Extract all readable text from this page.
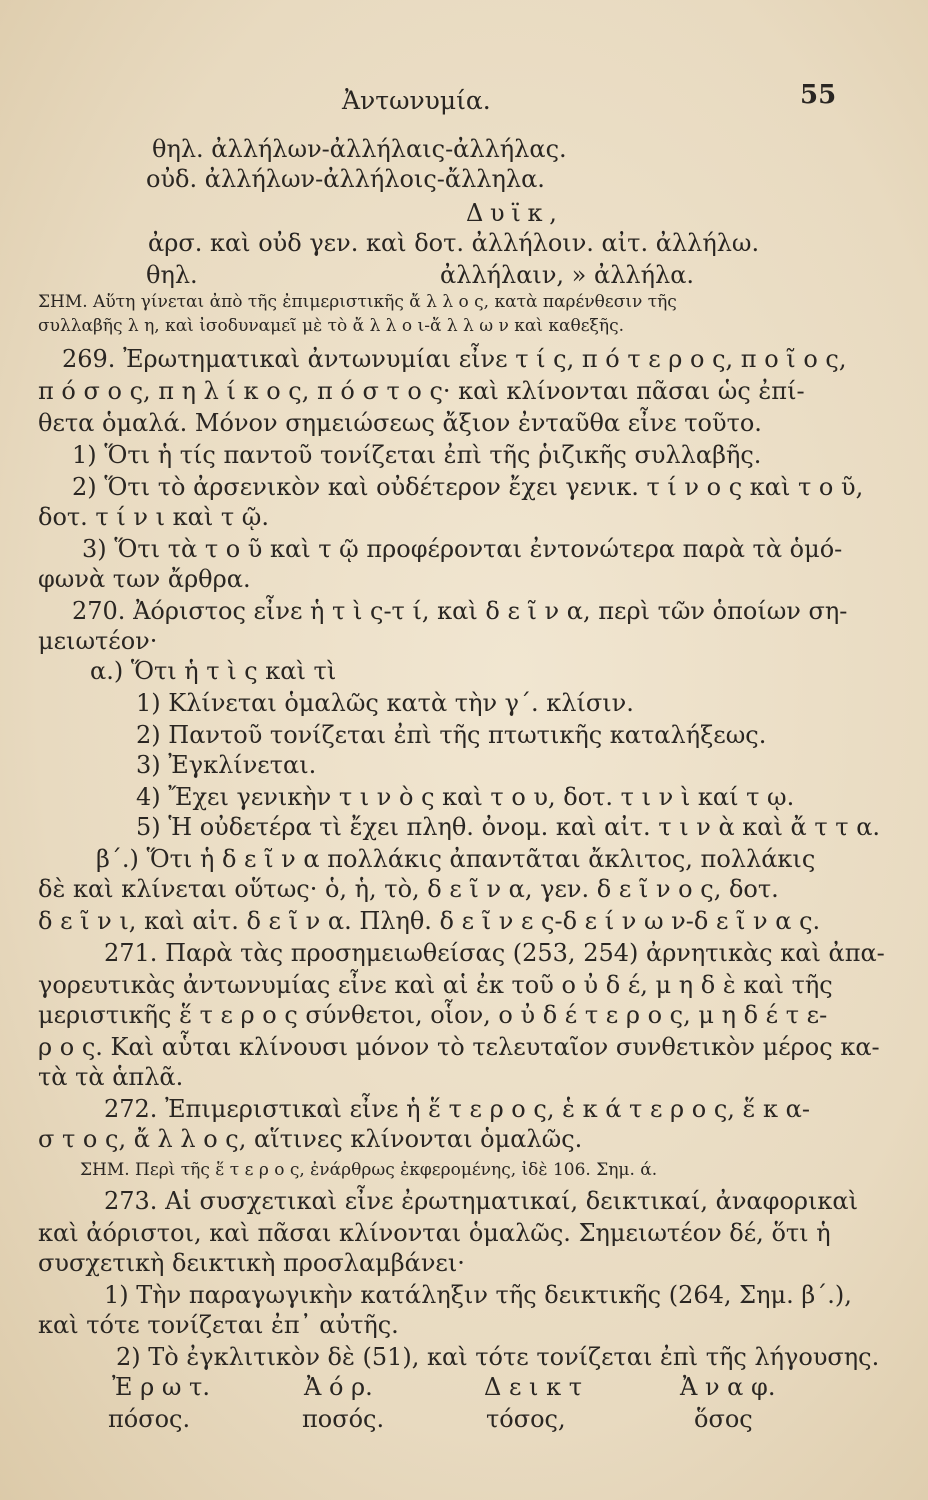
Ἀντωνυμία.	55
θηλ. ἀλλήλων-ἀλλήλαις-ἀλλήλας.
οὐδ. ἀλλήλων-ἀλλήλοις-ἄλληλα.
Δυϊκ,
ἀρσ. καὶ οὐδ γεν. καὶ δοτ. ἀλλήλοιν. αἰτ. ἀλλήλω.
θηλ.	ἀλλήλαιν, » ἀλλήλα.
ΣΗΜ. Αὕτη γίνεται ἀπὸ τῆς ἐπιμεριστικῆς ἄ λ λ ο ς, κατὰ παρένθεσιν τῆς
συλλαβῆς λ η, καὶ ἰσοδυναμεῖ μὲ τὸ ἄ λ λ ο ι-ἄ λ λ ω ν καὶ καθεξῆς.
269. Ἐρωτηματικαὶ ἀντωνυμίαι εἶνε τ ί ς, π ό τ ε ρ ο ς, π ο ῖ ο ς,
π ό σ ο ς, π η λ ί κ ο ς, π ό σ τ ο ς· καὶ κλίνονται πᾶσαι ὡς ἐπί-
θετα ὁμαλά. Μόνον σημειώσεως ἄξιον ἐνταῦθα εἶνε τοῦτο.
1) Ὅτι ἡ τίς παντοῦ τονίζεται ἐπὶ τῆς ῥιζικῆς συλλαβῆς.
2) Ὅτι τὸ ἀρσενικὸν καὶ οὐδέτερον ἔχει γενικ. τ ί ν ο ς καὶ τ ο ῦ,
δοτ. τ ί ν ι καὶ τ ῷ.
3) Ὅτι τὰ τ ο ῦ καὶ τ ῷ προφέρονται ἐντονώτερα παρὰ τὰ ὁμό-
φωνὰ των ἄρθρα.
270. Ἀόριστος εἶνε ἡ τ ὶ ς-τ ί, καὶ δ ε ῖ ν α, περὶ τῶν ὁποίων ση-
μειωτέον·
α.) Ὅτι ἡ τ ὶ ς καὶ τὶ
1) Κλίνεται ὁμαλῶς κατὰ τὴν γ΄. κλίσιν.
2) Παντοῦ τονίζεται ἐπὶ τῆς πτωτικῆς καταλήξεως.
3) Ἐγκλίνεται.
4) Ἔχει γενικὴν τ ι ν ὸ ς καὶ τ ο υ, δοτ. τ ι ν ὶ καί τ ῳ.
5) Ἡ οὐδετέρα τὶ ἔχει πληθ. ὀνομ. καὶ αἰτ. τ ι ν ὰ καὶ ἄ τ τ α.
β΄.) Ὅτι ἡ δ ε ῖ ν α πολλάκις ἀπαντᾶται ἄκλιτος, πολλάκις
δὲ καὶ κλίνεται οὕτως· ὁ, ἡ, τὸ, δ ε ῖ ν α, γεν. δ ε ῖ ν ο ς, δοτ.
δ ε ῖ ν ι, καὶ αἰτ. δ ε ῖ ν α. Πληθ. δ ε ῖ ν ε ς-δ ε ί ν ω ν-δ ε ῖ ν α ς.
271. Παρὰ τὰς προσημειωθείσας (253, 254) ἀρνητικὰς καὶ ἀπα-
γορευτικὰς ἀντωνυμίας εἶνε καὶ αἱ ἐκ τοῦ ο ὐ δ έ, μ η δ ὲ καὶ τῆς
μεριστικῆς ἕ τ ε ρ ο ς σύνθετοι, οἷον, ο ὐ δ έ τ ε ρ ο ς, μ η δ έ τ ε-
ρ ο ς. Καὶ αὗται κλίνουσι μόνον τὸ τελευταῖον συνθετικὸν μέρος κα-
τὰ τὰ ἁπλᾶ.
272. Ἐπιμεριστικαὶ εἶνε ἡ ἕ τ ε ρ ο ς, ἑ κ ά τ ε ρ ο ς, ἕ κ α-
σ τ ο ς, ἄ λ λ ο ς, αἵτινες κλίνονται ὁμαλῶς.
ΣΗΜ. Περὶ τῆς ἕ τ ε ρ ο ς, ἐνάρθρως ἐκφερομένης, ἰδὲ 106. Σημ. ά.
273. Αἱ συσχετικαὶ εἶνε ἐρωτηματικαί, δεικτικαί, ἀναφορικαὶ
καὶ ἀόριστοι, καὶ πᾶσαι κλίνονται ὁμαλῶς. Σημειωτέον δέ, ὅτι ἡ
συσχετικὴ δεικτικὴ προσλαμβάνει·
1) Τὴν παραγωγικὴν κατάληξιν τῆς δεικτικῆς (264, Σημ. β΄.),
καὶ τότε τονίζεται ἐπ᾽ αὐτῆς.
2) Τὸ ἐγκλιτικὸν δὲ (51), καὶ τότε τονίζεται ἐπὶ τῆς λήγουσης.
Ἐ ρ ω τ.	Ἀ ό ρ.	Δ ε ι κ τ	Ἀ ν α φ.
πόσος.	ποσός.	τόσος,	ὅσος
